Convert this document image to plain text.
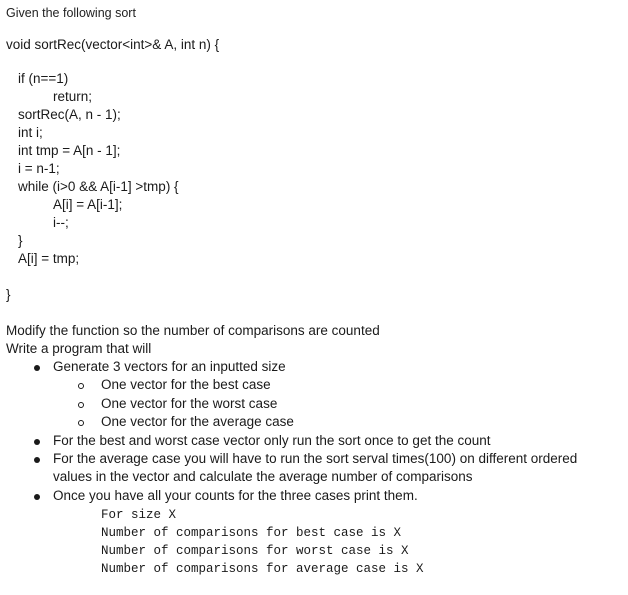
Given the following sort
void sortRec(vector<int>& A, int n) {
if (n==1)
return;
sortRec(A, n - 1);
int i;
int tmp = A[n - 1];
i = n-1;
while (i>0 && A[i-1] >tmp) {
A[i] = A[i-1];
i--;
}
A[i] = tmp;
}
Modify the function so the number of comparisons are counted
Write a program that will
Generate 3 vectors for an inputted size
One vector for the best case
One vector for the worst case
One vector for the average case
For the best and worst case vector only run the sort once to get the count
For the average case you will have to run the sort serval times(100) on different ordered
values in the vector and calculate the average number of comparisons
Once you have all your counts for the three cases print them.
For size X
Number of comparisons for best case is X
Number of comparisons for worst case is X
Number of comparisons for average case is X
